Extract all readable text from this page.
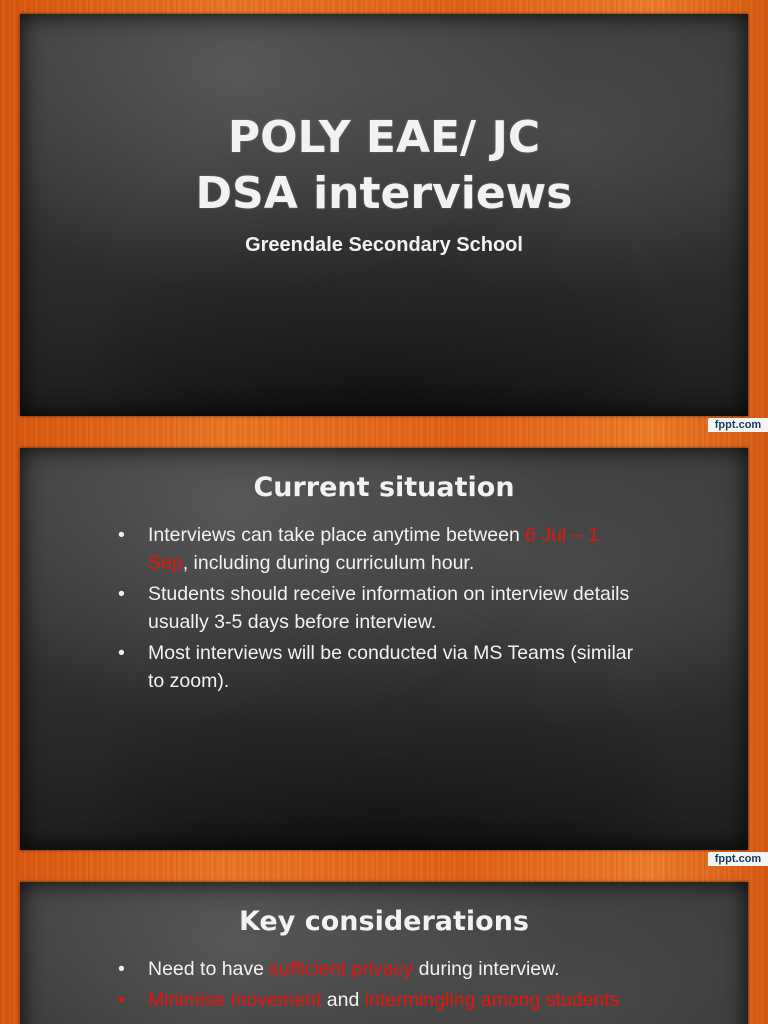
POLY EAE/ JC
DSA interviews
Greendale Secondary School
fppt.com
Current situation
• Interviews can take place anytime between 6 Jul – 1 Sep, including during curriculum hour.
• Students should receive information on interview details usually 3-5 days before interview.
• Most interviews will be conducted via MS Teams (similar to zoom).
fppt.com
Key considerations
• Need to have sufficient privacy during interview.
• Minimise movement and intermingling among students
